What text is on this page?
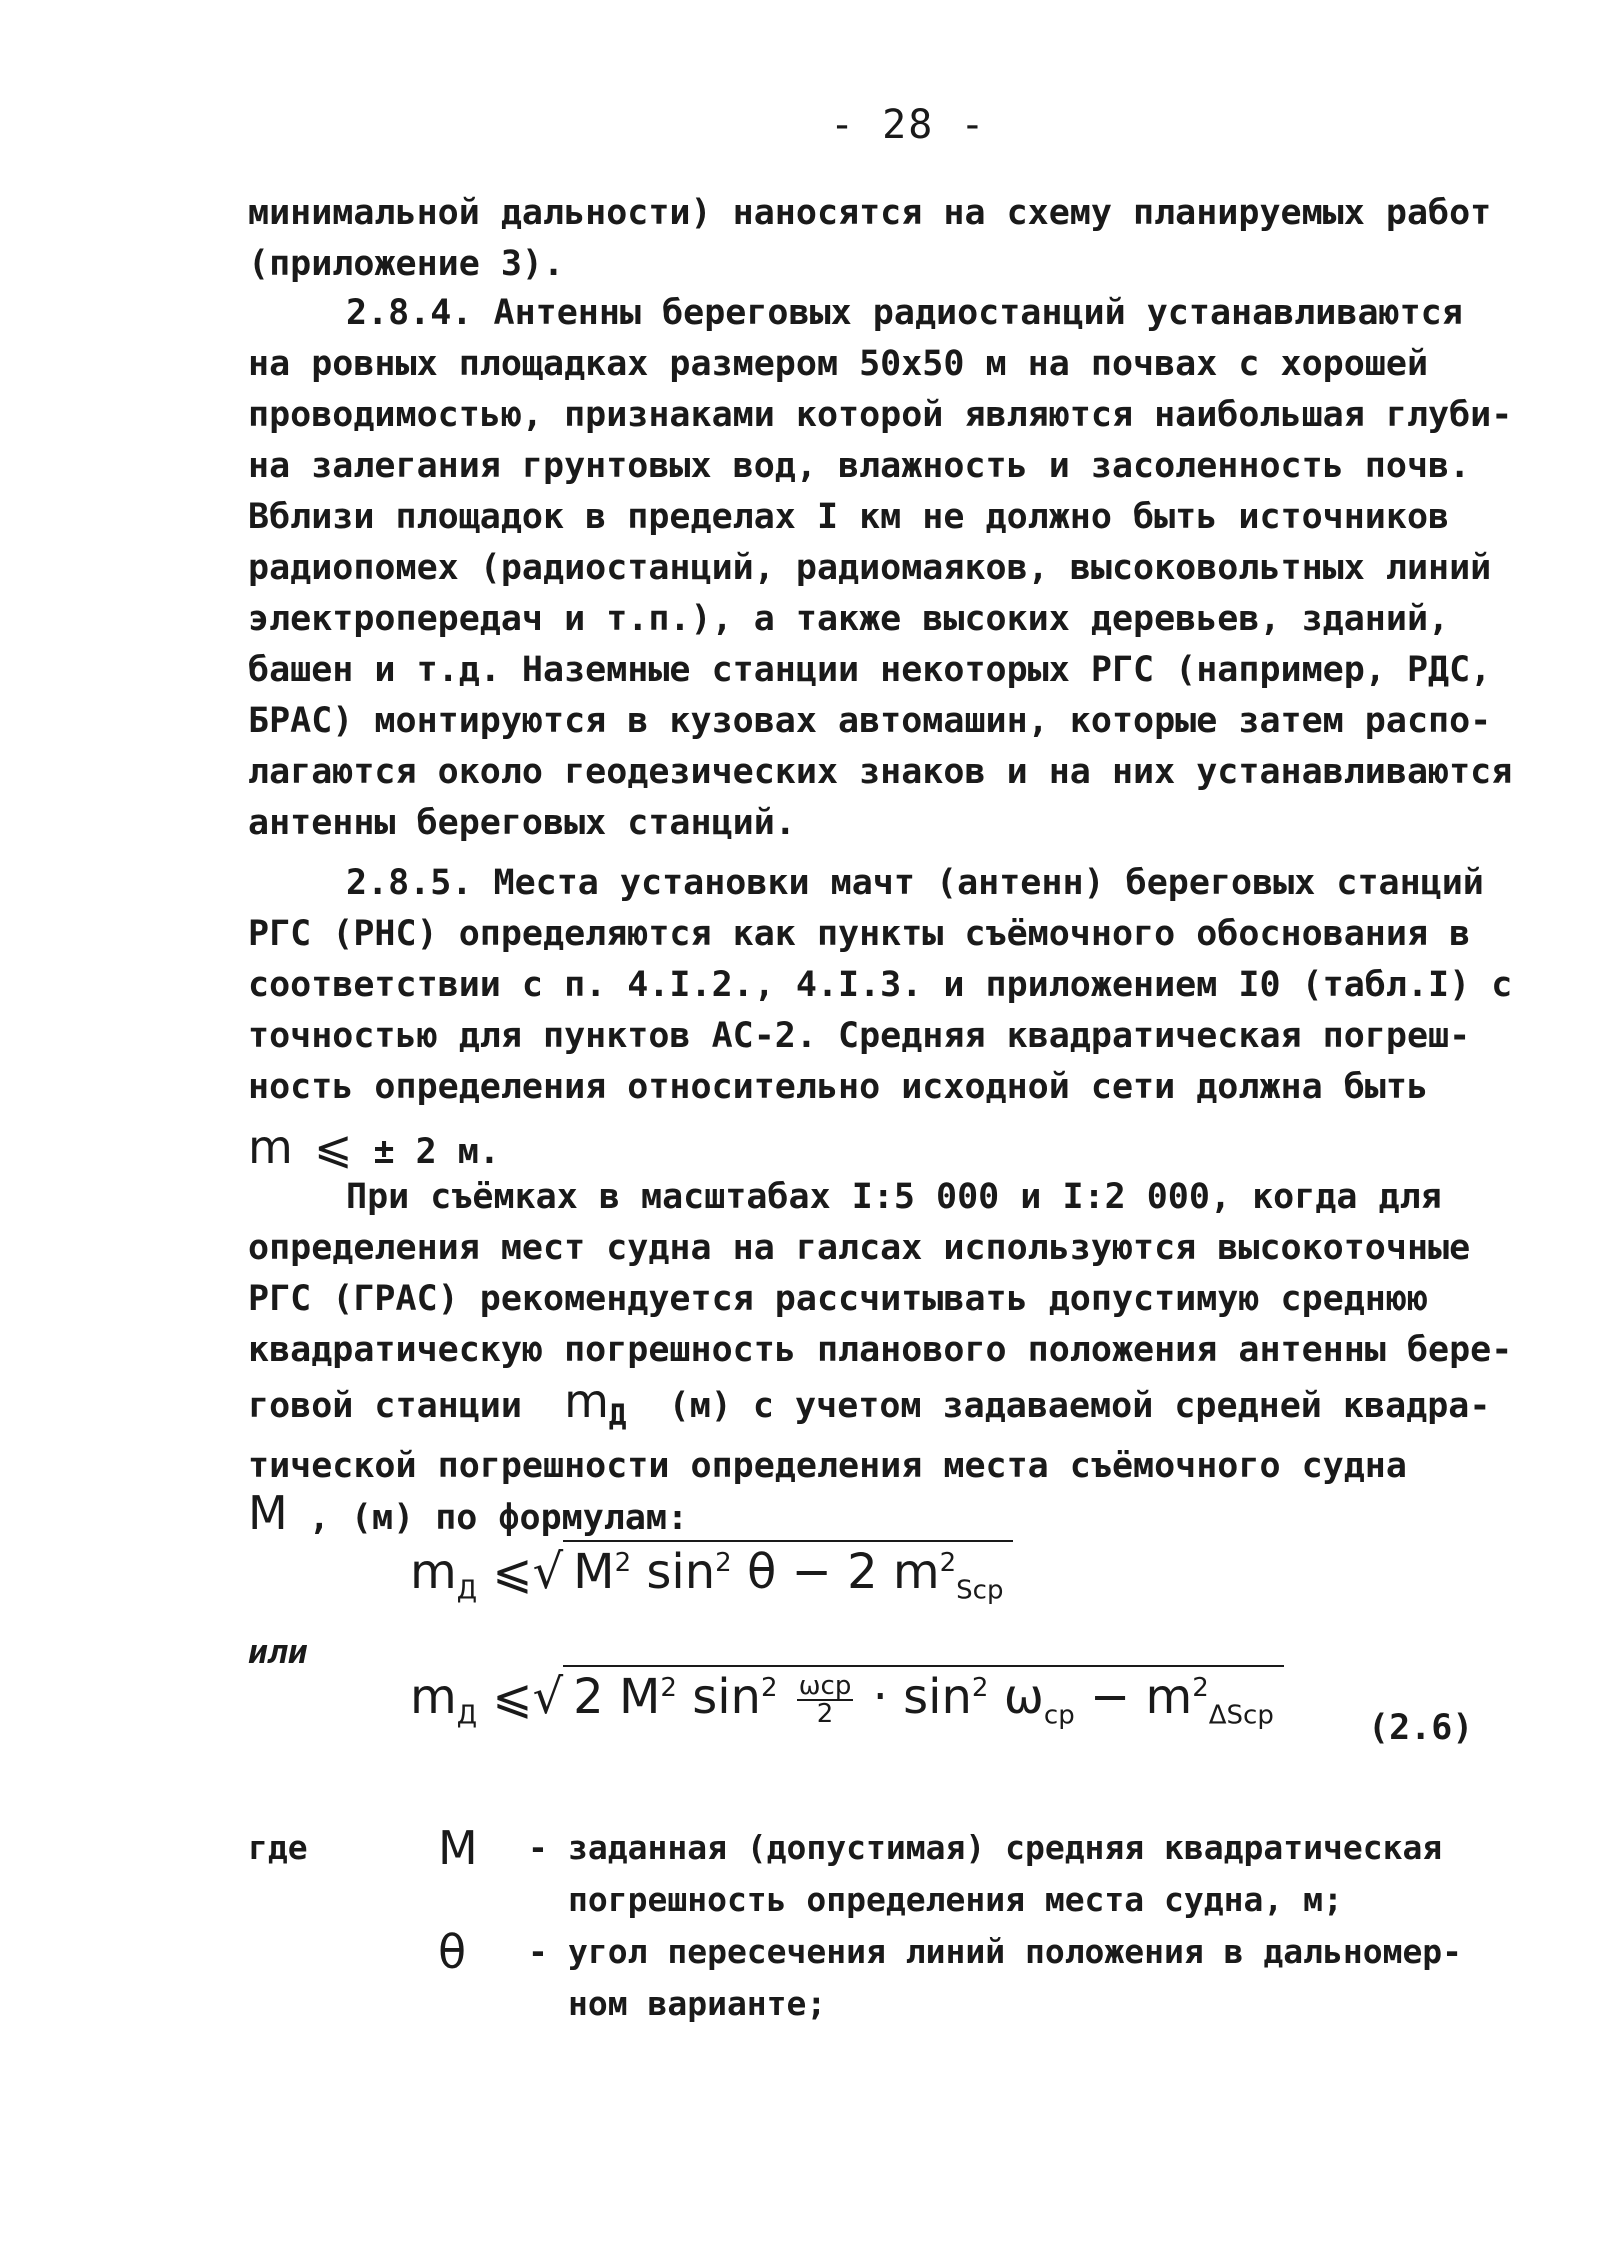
- 28 -
минимальной дальности) наносятся на схему планируемых работ
(приложение 3).
2.8.4. Антенны береговых радиостанций устанавливаются
на ровных площадках размером 50х50 м на почвах с хорошей
проводимостью, признаками которой являются наибольшая глуби-
на залегания грунтовых вод, влажность и засоленность почв.
Вблизи площадок в пределах I км не должно быть источников
радиопомех (радиостанций, радиомаяков, высоковольтных линий
электропередач и т.п.), а также высоких деревьев, зданий,
башен и т.д. Наземные станции некоторых РГС (например, РДС,
БРАС) монтируются в кузовах автомашин, которые затем распо-
лагаются около геодезических знаков и на них устанавливаются
антенны береговых станций.
2.8.5. Места установки мачт (антенн) береговых станций
РГС (РНС) определяются как пункты съёмочного обоснования в
соответствии с п. 4.I.2., 4.I.3. и приложением I0 (табл.I) с
точностью для пунктов АС-2. Средняя квадратическая погреш-
ность определения относительно исходной сети должна быть
m ⩽ ± 2 м.
При съёмках в масштабах I:5 000 и I:2 000, когда для
определения мест судна на галсах используются высокоточные
РГС (ГРАС) рекомендуется рассчитывать допустимую среднюю
квадратическую погрешность планового положения антенны бере-
говой станции $m_Д$ (м) с учетом задаваемой средней квадра-
тической погрешности определения места съёмочного судна
M , (м) по формулам:
$m_Д$ ⩽√ $M^2$ $\sin^2 \theta - 2$ $m^2_{Scp}$
или
$m_Д$ ⩽√ 2 $M^2$ $\sin^2 \frac{\text{ωcp}}{2} \cdot \sin^2 \omega_{cp} - m^2_{\Delta Scp}$	(2.6)
где	M	- заданная (допустимая) средняя квадратическая
погрешность определения места судна, м;
θ	- угол пересечения линий положения в дальномер-
ном варианте;
